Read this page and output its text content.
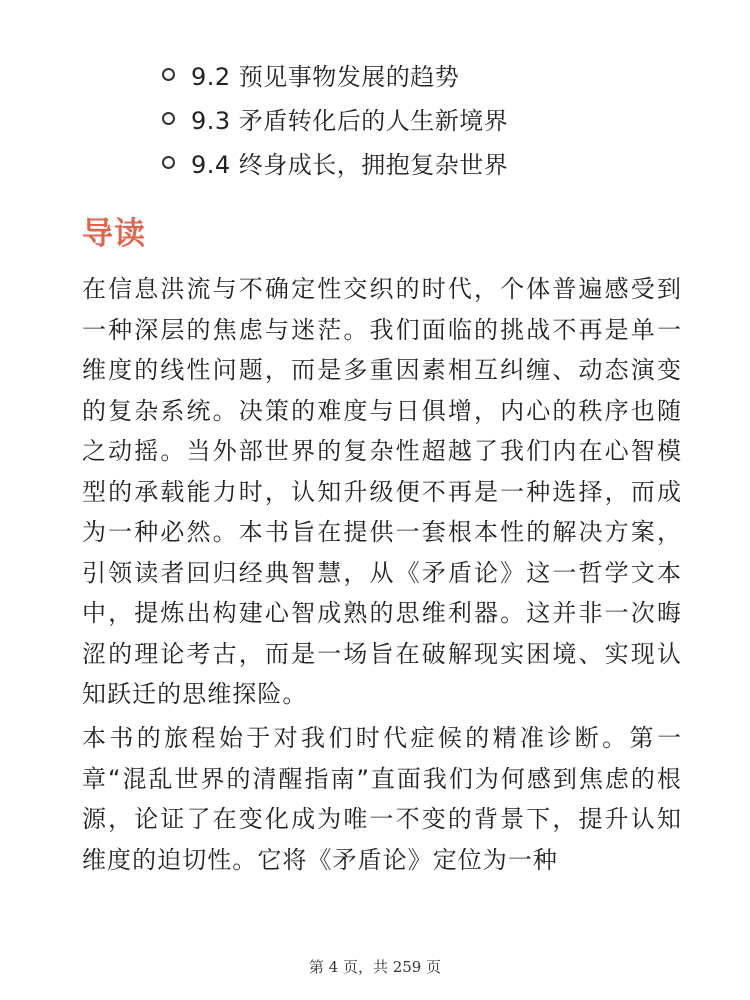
9.2 预见事物发展的趋势
9.3 矛盾转化后的人生新境界
9.4 终身成长，拥抱复杂世界
导读

在信息洪流与不确定性交织的时代，个体普遍感受到一种深层的焦虑与迷茫。我们面临的挑战不再是单一维度的线性问题，而是多重因素相互纠缠、动态演变的复杂系统。决策的难度与日俱增，内心的秩序也随之动摇。当外部世界的复杂性超越了我们内在心智模型的承载能力时，认知升级便不再是一种选择，而成为一种必然。本书旨在提供一套根本性的解决方案，引领读者回归经典智慧，从《矛盾论》这一哲学文本中，提炼出构建心智成熟的思维利器。这并非一次晦涩的理论考古，而是一场旨在破解现实困境、实现认知跃迁的思维探险。

本书的旅程始于对我们时代症候的精准诊断。第一章“混乱世界的清醒指南”直面我们为何感到焦虑的根源，论证了在变化成为唯一不变的背景下，提升认知维度的迫切性。它将《矛盾论》定位为一种

第 4 页，共 259 页
